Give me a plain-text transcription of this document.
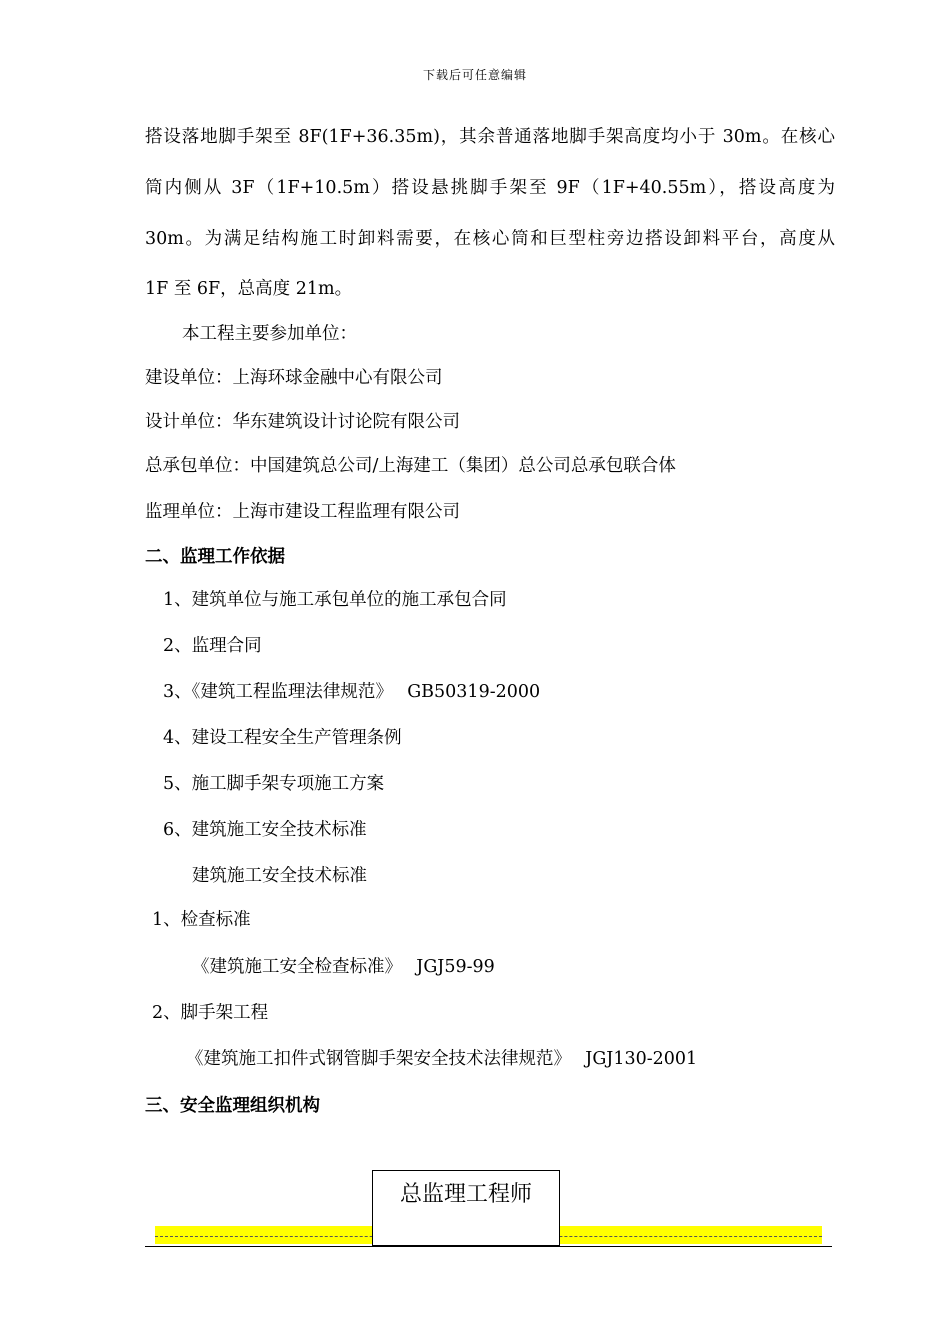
下载后可任意编辑
搭设落地脚手架至 8F(1F+36.35m)，其余普通落地脚手架高度均小于 30m。在核心
筒内侧从 3F（1F+10.5m）搭设悬挑脚手架至 9F（1F+40.55m），搭设高度为
30m。为满足结构施工时卸料需要，在核心筒和巨型柱旁边搭设卸料平台，高度从
1F 至 6F，总高度 21m。
本工程主要参加单位：
建设单位：上海环球金融中心有限公司
设计单位：华东建筑设计讨论院有限公司
总承包单位：中国建筑总公司/上海建工（集团）总公司总承包联合体
监理单位：上海市建设工程监理有限公司
二、监理工作依据
1、建筑单位与施工承包单位的施工承包合同
2、监理合同
3、《建筑工程监理法律规范》　 GB50319-2000
4、建设工程安全生产管理条例
5、施工脚手架专项施工方案
6、建筑施工安全技术标准
建筑施工安全技术标准
1、检查标准
《建筑施工安全检查标准》　 JGJ59-99
2、脚手架工程
《建筑施工扣件式钢管脚手架安全技术法律规范》　 JGJ130-2001
三、安全监理组织机构
总监理工程师
